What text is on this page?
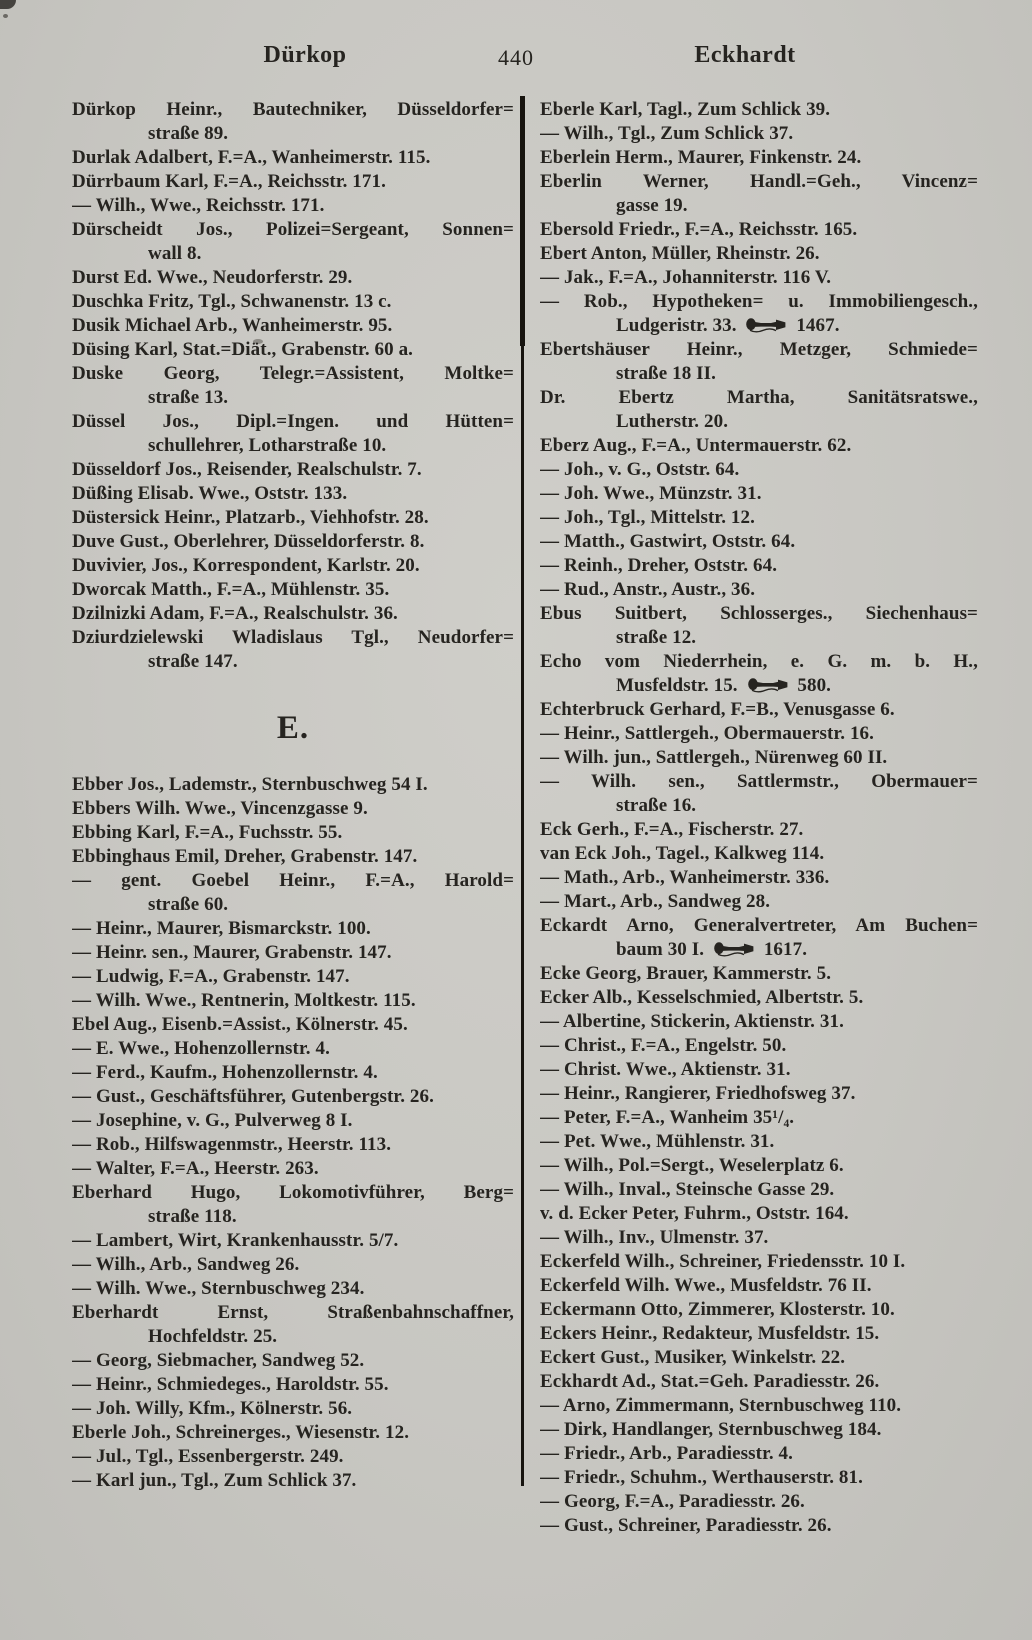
Dürkop	440	Eckhardt

Dürkop Heinr., Bautechniker, Düsseldorfer=
straße 89.

Durlak Adalbert, F.=A., Wanheimerstr. 115.

Dürrbaum Karl, F.=A., Reichsstr. 171.

— Wilh., Wwe., Reichsstr. 171.

Dürscheidt Jos., Polizei=Sergeant, Sonnen=
wall 8.

Durst Ed. Wwe., Neudorferstr. 29.

Duschka Fritz, Tgl., Schwanenstr. 13 c.

Dusik Michael Arb., Wanheimerstr. 95.

Düsing Karl, Stat.=Diät., Grabenstr. 60 a.

Duske Georg, Telegr.=Assistent, Moltke=
straße 13.

Düssel Jos., Dipl.=Ingen. und Hütten=
schullehrer, Lotharstraße 10.

Düsseldorf Jos., Reisender, Realschulstr. 7.

Düßing Elisab. Wwe., Oststr. 133.

Düstersick Heinr., Platzarb., Viehhofstr. 28.

Duve Gust., Oberlehrer, Düsseldorferstr. 8.

Duvivier, Jos., Korrespondent, Karlstr. 20.

Dworcak Matth., F.=A., Mühlenstr. 35.

Dzilnizki Adam, F.=A., Realschulstr. 36.

Dziurdzielewski Wladislaus Tgl., Neudorfer=
straße 147.

E.

Ebber Jos., Lademstr., Sternbuschweg 54 I.

Ebbers Wilh. Wwe., Vincenzgasse 9.

Ebbing Karl, F.=A., Fuchsstr. 55.

Ebbinghaus Emil, Dreher, Grabenstr. 147.

— gent. Goebel Heinr., F.=A., Harold=
straße 60.

— Heinr., Maurer, Bismarckstr. 100.

— Heinr. sen., Maurer, Grabenstr. 147.

— Ludwig, F.=A., Grabenstr. 147.

— Wilh. Wwe., Rentnerin, Moltkestr. 115.

Ebel Aug., Eisenb.=Assist., Kölnerstr. 45.

— E. Wwe., Hohenzollernstr. 4.

— Ferd., Kaufm., Hohenzollernstr. 4.

— Gust., Geschäftsführer, Gutenbergstr. 26.

— Josephine, v. G., Pulverweg 8 I.

— Rob., Hilfswagenmstr., Heerstr. 113.

— Walter, F.=A., Heerstr. 263.

Eberhard Hugo, Lokomotivführer, Berg=
straße 118.

— Lambert, Wirt, Krankenhausstr. 5/7.

— Wilh., Arb., Sandweg 26.

— Wilh. Wwe., Sternbuschweg 234.

Eberhardt Ernst, Straßenbahnschaffner,
Hochfeldstr. 25.

— Georg, Siebmacher, Sandweg 52.

— Heinr., Schmiedeges., Haroldstr. 55.

— Joh. Willy, Kfm., Kölnerstr. 56.

Eberle Joh., Schreinerges., Wiesenstr. 12.

— Jul., Tgl., Essenbergerstr. 249.

— Karl jun., Tgl., Zum Schlick 37.

Eberle Karl, Tagl., Zum Schlick 39.

— Wilh., Tgl., Zum Schlick 37.

Eberlein Herm., Maurer, Finkenstr. 24.

Eberlin Werner, Handl.=Geh., Vincenz=
gasse 19.

Ebersold Friedr., F.=A., Reichsstr. 165.

Ebert Anton, Müller, Rheinstr. 26.

— Jak., F.=A., Johanniterstr. 116 V.

— Rob., Hypotheken= u. Immobiliengesch.,
Ludgeristr. 33.	1467.

Ebertshäuser Heinr., Metzger, Schmiede=
straße 18 II.

Dr. Ebertz Martha, Sanitätsratswe.,
Lutherstr. 20.

Eberz Aug., F.=A., Untermauerstr. 62.

— Joh., v. G., Oststr. 64.

— Joh. Wwe., Münzstr. 31.

— Joh., Tgl., Mittelstr. 12.

— Matth., Gastwirt, Oststr. 64.

— Reinh., Dreher, Oststr. 64.

— Rud., Anstr., Austr., 36.

Ebus Suitbert, Schlosserges., Siechenhaus=
straße 12.

Echo vom Niederrhein, e. G. m. b. H.,
Musfeldstr. 15.	580.

Echterbruck Gerhard, F.=B., Venusgasse 6.

— Heinr., Sattlergeh., Obermauerstr. 16.

— Wilh. jun., Sattlergeh., Nürenweg 60 II.

— Wilh. sen., Sattlermstr., Obermauer=
straße 16.

Eck Gerh., F.=A., Fischerstr. 27.

van Eck Joh., Tagel., Kalkweg 114.

— Math., Arb., Wanheimerstr. 336.

— Mart., Arb., Sandweg 28.

Eckardt Arno, Generalvertreter, Am Buchen=
baum 30 I.	1617.

Ecke Georg, Brauer, Kammerstr. 5.

Ecker Alb., Kesselschmied, Albertstr. 5.

— Albertine, Stickerin, Aktienstr. 31.

— Christ., F.=A., Engelstr. 50.

— Christ. Wwe., Aktienstr. 31.

— Heinr., Rangierer, Friedhofsweg 37.

— Peter, F.=A., Wanheim 35¹/₄.

— Pet. Wwe., Mühlenstr. 31.

— Wilh., Pol.=Sergt., Weselerplatz 6.

— Wilh., Inval., Steinsche Gasse 29.

v. d. Ecker Peter, Fuhrm., Oststr. 164.

— Wilh., Inv., Ulmenstr. 37.

Eckerfeld Wilh., Schreiner, Friedensstr. 10 I.

Eckerfeld Wilh. Wwe., Musfeldstr. 76 II.

Eckermann Otto, Zimmerer, Klosterstr. 10.

Eckers Heinr., Redakteur, Musfeldstr. 15.

Eckert Gust., Musiker, Winkelstr. 22.

Eckhardt Ad., Stat.=Geh. Paradiesstr. 26.

— Arno, Zimmermann, Sternbuschweg 110.

— Dirk, Handlanger, Sternbuschweg 184.

— Friedr., Arb., Paradiesstr. 4.

— Friedr., Schuhm., Werthauserstr. 81.

— Georg, F.=A., Paradiesstr. 26.

— Gust., Schreiner, Paradiesstr. 26.
